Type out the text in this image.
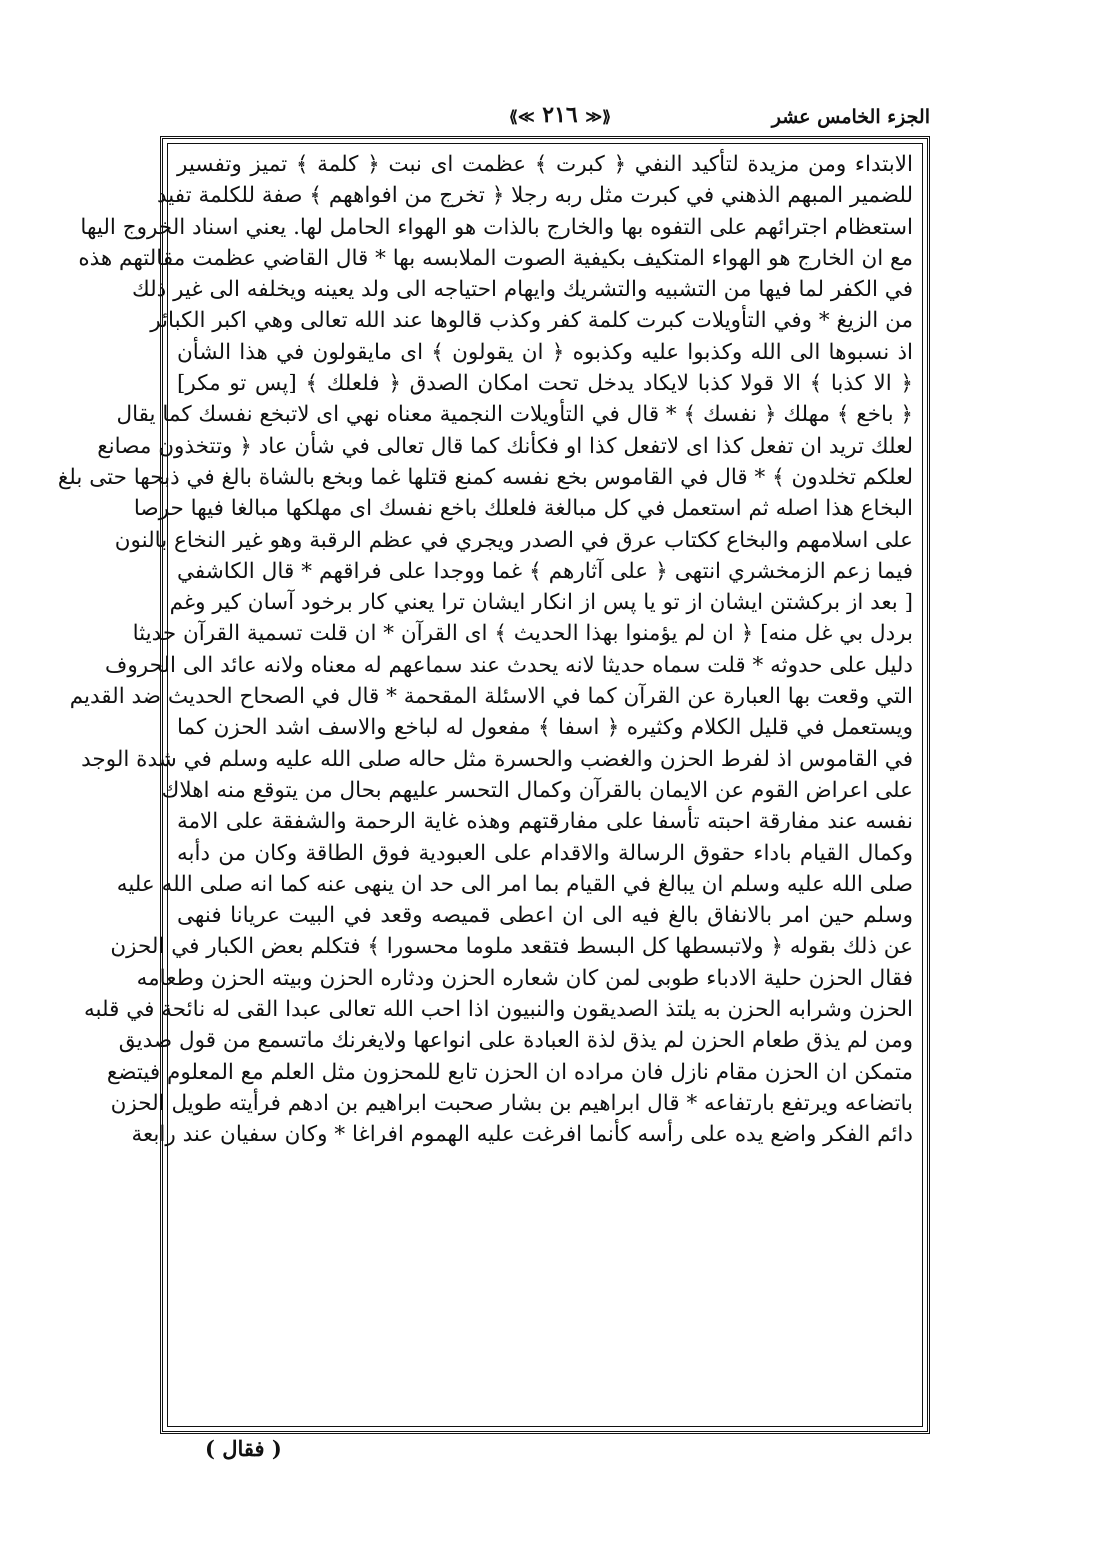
الجزء الخامس عشر
⟪≪ ٢١٦ ≫⟫
الابتداء ومن مزيدة لتأكيد النفي ﴿ كبرت ﴾ عظمت اى نبت ﴿ كلمة ﴾ تميز وتفسير
للضمير المبهم الذهني في كبرت مثل ربه رجلا ﴿ تخرج من افواههم ﴾ صفة للكلمة تفيد
استعظام اجترائهم على التفوه بها والخارج بالذات هو الهواء الحامل لها. يعني اسناد الخروج اليها
مع ان الخارج هو الهواء المتكيف بكيفية الصوت الملابسه بها * قال القاضي عظمت مقالتهم هذه
في الكفر لما فيها من التشبيه والتشريك وايهام احتياجه الى ولد يعينه ويخلفه الى غير ذلك
من الزيغ * وفي التأويلات كبرت كلمة كفر وكذب قالوها عند الله تعالى وهي اكبر الكبائر
اذ نسبوها الى الله وكذبوا عليه وكذبوه ﴿ ان يقولون ﴾ اى مايقولون في هذا الشأن
﴿ الا كذبا ﴾ الا قولا كذبا لايكاد يدخل تحت امكان الصدق ﴿ فلعلك ﴾ [پس تو مكر]
﴿ باخع ﴾ مهلك ﴿ نفسك ﴾ * قال في التأويلات النجمية معناه نهي اى لاتبخع نفسك كما يقال
لعلك تريد ان تفعل كذا اى لاتفعل كذا او فكأنك كما قال تعالى في شأن عاد ﴿ وتتخذون مصانع
لعلكم تخلدون ﴾ * قال في القاموس بخع نفسه كمنع قتلها غما وبخع بالشاة بالغ في ذبحها حتى بلغ
البخاع هذا اصله ثم استعمل في كل مبالغة فلعلك باخع نفسك اى مهلكها مبالغا فيها حرصا
على اسلامهم والبخاع ككتاب عرق في الصدر ويجري في عظم الرقبة وهو غير النخاع بالنون
فيما زعم الزمخشري انتهى ﴿ على آثارهم ﴾ غما ووجدا على فراقهم * قال الكاشفي
[ بعد از بركشتن ايشان از تو يا پس از انكار ايشان ترا يعني كار برخود آسان كير وغم
بردل بي غل منه] ﴿ ان لم يؤمنوا بهذا الحديث ﴾ اى القرآن * ان قلت تسمية القرآن حديثا
دليل على حدوثه * قلت سماه حديثا لانه يحدث عند سماعهم له معناه ولانه عائد الى الحروف
التي وقعت بها العبارة عن القرآن كما في الاسئلة المقحمة * قال في الصحاح الحديث ضد القديم
ويستعمل في قليل الكلام وكثيره ﴿ اسفا ﴾ مفعول له لباخع والاسف اشد الحزن كما
في القاموس اذ لفرط الحزن والغضب والحسرة مثل حاله صلى الله عليه وسلم في شدة الوجد
على اعراض القوم عن الايمان بالقرآن وكمال التحسر عليهم بحال من يتوقع منه اهلاك
نفسه عند مفارقة احبته تأسفا على مفارقتهم وهذه غاية الرحمة والشفقة على الامة
وكمال القيام باداء حقوق الرسالة والاقدام على العبودية فوق الطاقة وكان من دأبه
صلى الله عليه وسلم ان يبالغ في القيام بما امر الى حد ان ينهى عنه كما انه صلى الله عليه
وسلم حين امر بالانفاق بالغ فيه الى ان اعطى قميصه وقعد في البيت عريانا فنهى
عن ذلك بقوله ﴿ ولاتبسطها كل البسط فتقعد ملوما محسورا ﴾ فتكلم بعض الكبار في الحزن
فقال الحزن حلية الادباء طوبى لمن كان شعاره الحزن ودثاره الحزن وبيته الحزن وطعامه
الحزن وشرابه الحزن به يلتذ الصديقون والنبيون اذا احب الله تعالى عبدا القى له نائحة في قلبه
ومن لم يذق طعام الحزن لم يذق لذة العبادة على انواعها ولايغرنك ماتسمع من قول صديق
متمكن ان الحزن مقام نازل فان مراده ان الحزن تابع للمحزون مثل العلم مع المعلوم فيتضع
باتضاعه ويرتفع بارتفاعه * قال ابراهيم بن بشار صحبت ابراهيم بن ادهم فرأيته طويل الحزن
دائم الفكر واضع يده على رأسه كأنما افرغت عليه الهموم افراغا * وكان سفيان عند رابعة
( فقال )
